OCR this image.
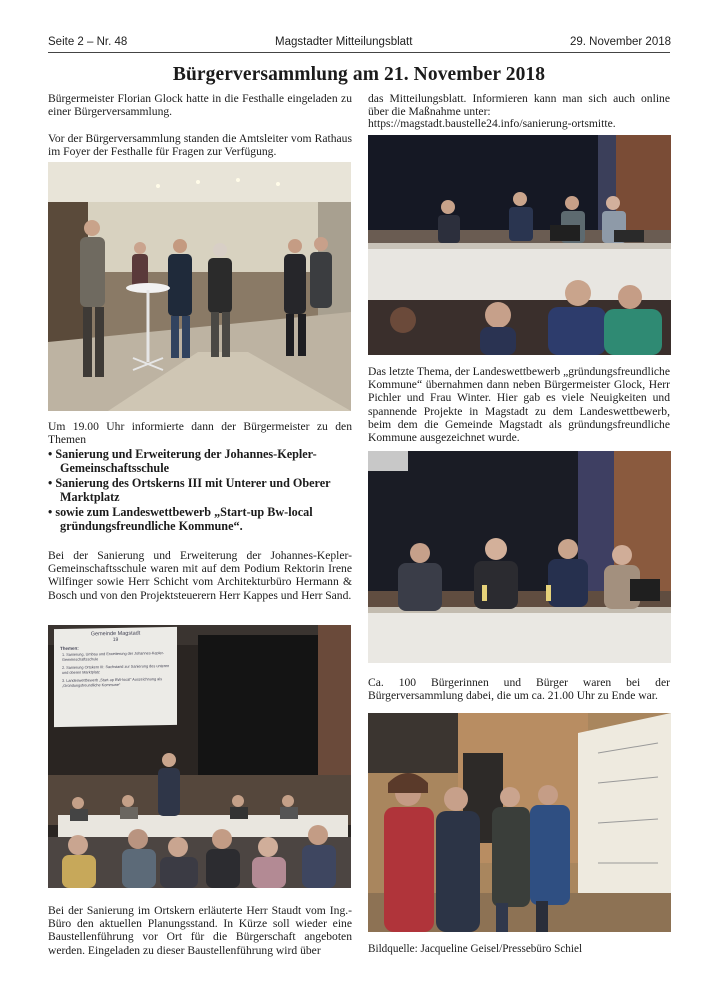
Seite 2 – Nr. 48	Magstadter Mitteilungsblatt	29. November 2018
Bürgerversammlung am 21. November 2018

Bürgermeister Florian Glock hatte in die Festhalle eingeladen zu einer Bürgerversammlung.

Vor der Bürgerversammlung standen die Amtsleiter vom Rathaus im Foyer der Festhalle für Fragen zur Verfügung.

Um 19.00 Uhr informierte dann der Bürgermeister zu den Themen

• Sanierung und Erweiterung der Johannes-Kepler-Gemeinschaftsschule

• Sanierung des Ortskerns III mit Unterer und Oberer Marktplatz

• sowie zum Landeswettbewerb „Start-up Bw-local gründungsfreundliche Kommune“.

Bei der Sanierung und Erweiterung der Johannes-Kepler-Gemeinschaftsschule waren mit auf dem Podium Rektorin Irene Wilfinger sowie Herr Schicht vom Architekturbüro Hermann & Bosch und von den Projektsteuerern Herr Kappes und Herr Sand.

Gemeinde Magstadt
19
Themen:
1. Sanierung, Umbau und Erweiterung der Johannes-Kepler-Gemeinschaftsschule
2. Sanierung Ortskern III: Sachstand zur Sanierung des unteren und oberen Marktplatz
3. Landeswettbewerb „Start-up BW-local“ Auszeichnung als „Gründungsfreundliche Kommune“

Bei der Sanierung im Ortskern erläuterte Herr Staudt vom Ing.-Büro den aktuellen Planungsstand. In Kürze soll wieder eine Baustellenführung vor Ort für die Bürgerschaft angeboten werden. Eingeladen zu dieser Baustellenführung wird über

das Mitteilungsblatt. Informieren kann man sich auch online über die Maßnahme unter:

https://magstadt.baustelle24.info/sanierung-ortsmitte.

Das letzte Thema, der Landeswettbewerb „gründungsfreundliche Kommune“ übernahmen dann neben Bürgermeister Glock, Herr Pichler und Frau Winter. Hier gab es viele Neuigkeiten und spannende Projekte in Magstadt zu dem Landeswettbewerb, beim dem die Gemeinde Magstadt als gründungsfreundliche Kommune ausgezeichnet wurde.

Ca. 100 Bürgerinnen und Bürger waren bei der Bürgerversammlung dabei, die um ca. 21.00 Uhr zu Ende war.

Bildquelle: Jacqueline Geisel/Pressebüro Schiel
